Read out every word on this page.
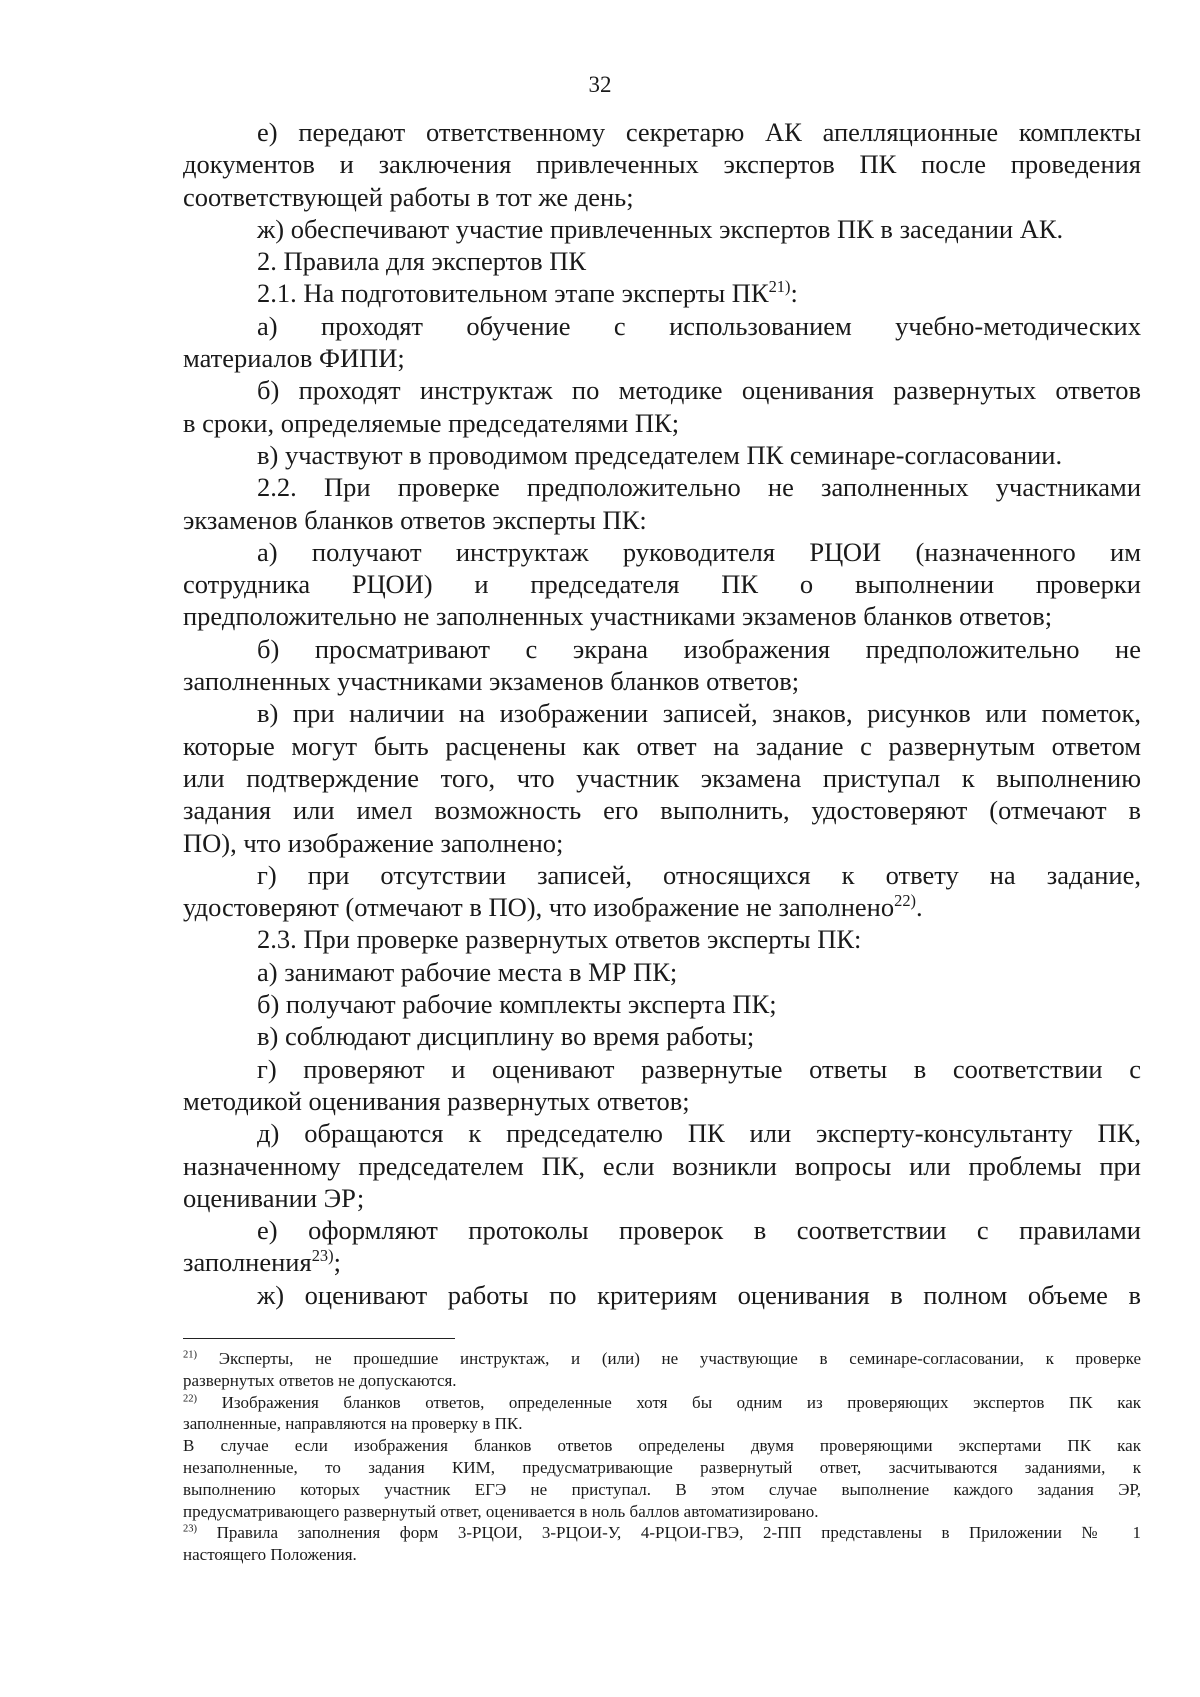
32

е) передают ответственному секретарю АК апелляционные комплекты

документов и заключения привлеченных экспертов ПК после проведения

соответствующей работы в тот же день;

ж) обеспечивают участие привлеченных экспертов ПК в заседании АК.

2. Правила для экспертов ПК

2.1. На подготовительном этапе эксперты ПК$^{21)}$:

а) проходят обучение с использованием учебно-методических

материалов ФИПИ;

б) проходят инструктаж по методике оценивания развернутых ответов

в сроки, определяемые председателями ПК;

в) участвуют в проводимом председателем ПК семинаре-согласовании.

2.2. При проверке предположительно не заполненных участниками

экзаменов бланков ответов эксперты ПК:

а) получают инструктаж руководителя РЦОИ (назначенного им

сотрудника РЦОИ) и председателя ПК о выполнении проверки

предположительно не заполненных участниками экзаменов бланков ответов;

б) просматривают с экрана изображения предположительно не

заполненных участниками экзаменов бланков ответов;

в) при наличии на изображении записей, знаков, рисунков или пометок,

которые могут быть расценены как ответ на задание с развернутым ответом

или подтверждение того, что участник экзамена приступал к выполнению

задания или имел возможность его выполнить, удостоверяют (отмечают в

ПО), что изображение заполнено;

г) при отсутствии записей, относящихся к ответу на задание,

удостоверяют (отмечают в ПО), что изображение не заполнено$^{22)}$.

2.3. При проверке развернутых ответов эксперты ПК:

а) занимают рабочие места в МР ПК;

б) получают рабочие комплекты эксперта ПК;

в) соблюдают дисциплину во время работы;

г) проверяют и оценивают развернутые ответы в соответствии с

методикой оценивания развернутых ответов;

д) обращаются к председателю ПК или эксперту-консультанту ПК,

назначенному председателем ПК, если возникли вопросы или проблемы при

оценивании ЭР;

е) оформляют протоколы проверок в соответствии с правилами

заполнения$^{23)}$;

ж) оценивают работы по критериям оценивания в полном объеме в

$^{21)}$ Эксперты, не прошедшие инструктаж, и (или) не участвующие в семинаре-согласовании, к проверке

развернутых ответов не допускаются.

$^{22)}$ Изображения бланков ответов, определенные хотя бы одним из проверяющих экспертов ПК как

заполненные, направляются на проверку в ПК.

В случае если изображения бланков ответов определены двумя проверяющими экспертами ПК как

незаполненные, то задания КИМ, предусматривающие развернутый ответ, засчитываются заданиями, к

выполнению которых участник ЕГЭ не приступал. В этом случае выполнение каждого задания ЭР,

предусматривающего развернутый ответ, оценивается в ноль баллов автоматизировано.

$^{23)}$ Правила заполнения форм 3-РЦОИ, 3-РЦОИ-У, 4-РЦОИ-ГВЭ, 2-ПП представлены в Приложении № 1

настоящего Положения.
